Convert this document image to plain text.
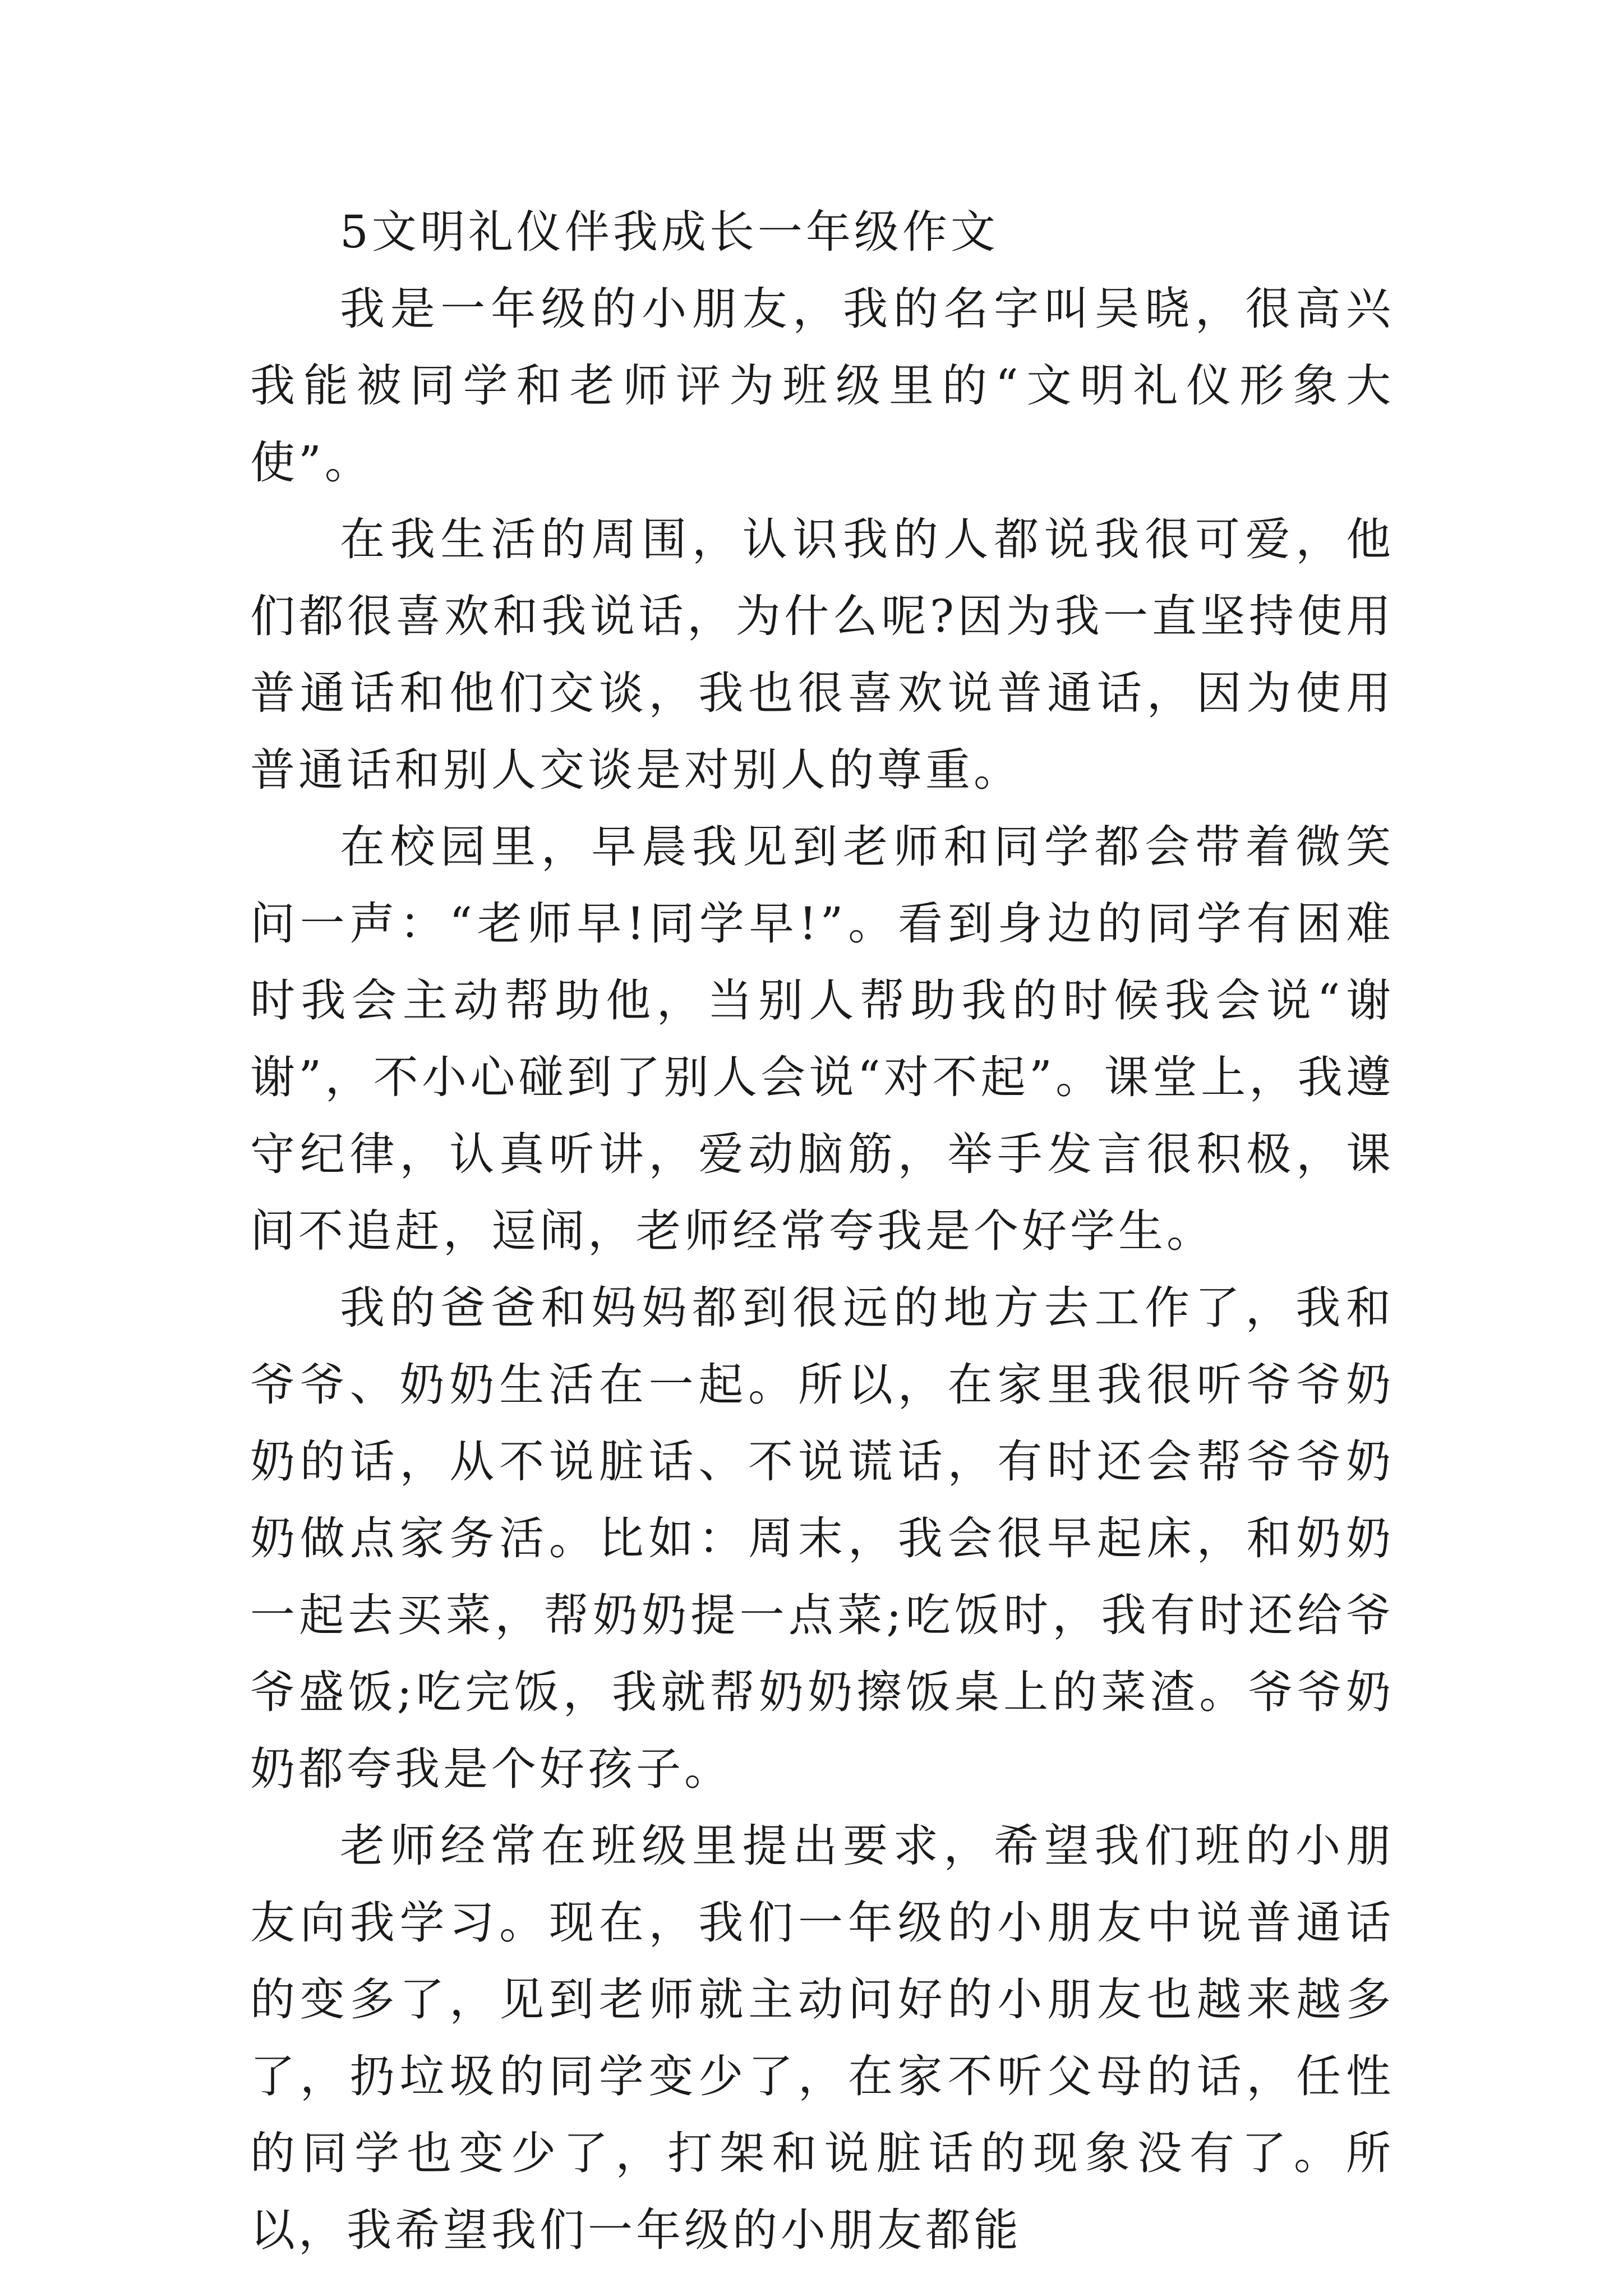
5文明礼仪伴我成长一年级作文

我是一年级的小朋友，我的名字叫吴晓，很高兴我能被同学和老师评为班级里的“文明礼仪形象大使”。

在我生活的周围，认识我的人都说我很可爱，他们都很喜欢和我说话，为什么呢?因为我一直坚持使用普通话和他们交谈，我也很喜欢说普通话，因为使用普通话和别人交谈是对别人的尊重。

在校园里，早晨我见到老师和同学都会带着微笑问一声：“老师早!同学早!”。看到身边的同学有困难时我会主动帮助他，当别人帮助我的时候我会说“谢谢”，不小心碰到了别人会说“对不起”。课堂上，我遵守纪律，认真听讲，爱动脑筋，举手发言很积极，课间不追赶，逗闹，老师经常夸我是个好学生。

我的爸爸和妈妈都到很远的地方去工作了，我和爷爷、奶奶生活在一起。所以，在家里我很听爷爷奶奶的话，从不说脏话、不说谎话，有时还会帮爷爷奶奶做点家务活。比如：周末，我会很早起床，和奶奶一起去买菜，帮奶奶提一点菜;吃饭时，我有时还给爷爷盛饭;吃完饭，我就帮奶奶擦饭桌上的菜渣。爷爷奶奶都夸我是个好孩子。

老师经常在班级里提出要求，希望我们班的小朋友向我学习。现在，我们一年级的小朋友中说普通话的变多了，见到老师就主动问好的小朋友也越来越多了，扔垃圾的同学变少了，在家不听父母的话，任性的同学也变少了，打架和说脏话的现象没有了。所以，我希望我们一年级的小朋友都能
